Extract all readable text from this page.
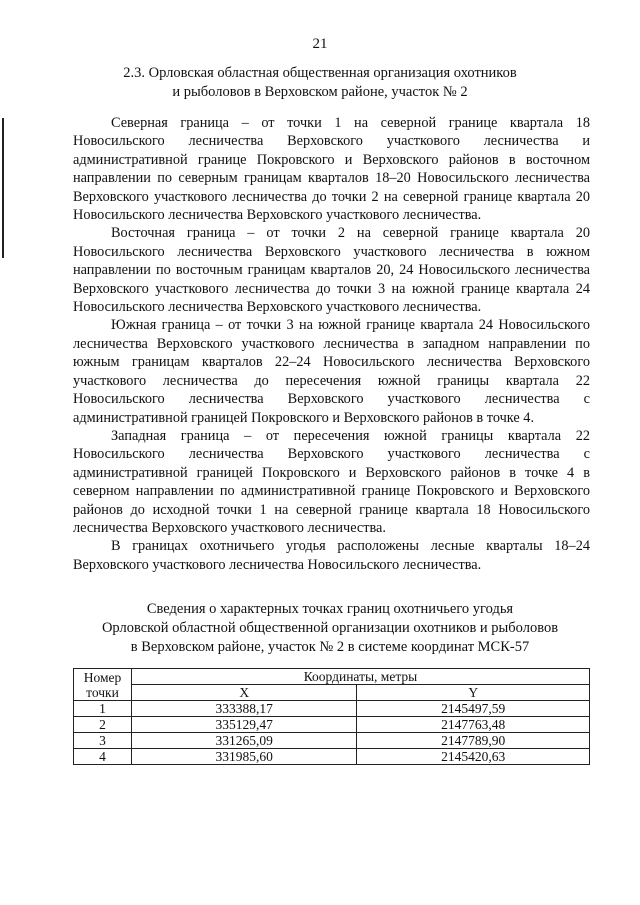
21
2.3. Орловская областная общественная организация охотников
и рыболовов в Верховском районе, участок № 2

Северная граница – от точки 1 на северной границе квартала 18 Новосильского лесничества Верховского участкового лесничества и административной границе Покровского и Верховского районов в восточном направлении по северным границам кварталов 18–20 Новосильского лесничества Верховского участкового лесничества до точки 2 на северной границе квартала 20 Новосильского лесничества Верховского участкового лесничества.

Восточная граница – от точки 2 на северной границе квартала 20 Новосильского лесничества Верховского участкового лесничества в южном направлении по восточным границам кварталов 20, 24 Новосильского лесничества Верховского участкового лесничества до точки 3 на южной границе квартала 24 Новосильского лесничества Верховского участкового лесничества.

Южная граница – от точки 3 на южной границе квартала 24 Новосильского лесничества Верховского участкового лесничества в западном направлении по южным границам кварталов 22–24 Новосильского лесничества Верховского участкового лесничества до пересечения южной границы квартала 22 Новосильского лесничества Верховского участкового лесничества с административной границей Покровского и Верховского районов в точке 4.

Западная граница – от пересечения южной границы квартала 22 Новосильского лесничества Верховского участкового лесничества с административной границей Покровского и Верховского районов в точке 4 в северном направлении по административной границе Покровского и Верховского районов до исходной точки 1 на северной границе квартала 18 Новосильского лесничества Верховского участкового лесничества.

В границах охотничьего угодья расположены лесные кварталы 18–24 Верховского участкового лесничества Новосильского лесничества.

Сведения о характерных точках границ охотничьего угодья
Орловской областной общественной организации охотников и рыболовов
в Верховском районе, участок № 2 в системе координат МСК-57
Номер
точки	Координаты, метры	
	X	Y
1	333388,17	2145497,59
2	335129,47	2147763,48
3	331265,09	2147789,90
4	331985,60	2145420,63
